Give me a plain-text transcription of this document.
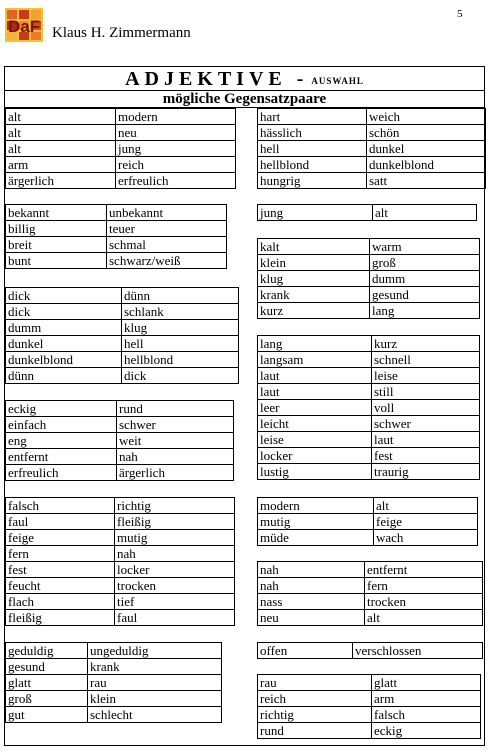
DaF Klaus H. Zimmermann
5
ADJEKTIVE - AUSWAHL
mögliche Gegensatzpaare
alt	modern
alt	neu
alt	jung
arm	reich
ärgerlich	erfreulich
bekannt	unbekannt
billig	teuer
breit	schmal
bunt	schwarz/weiß
dick	dünn
dick	schlank
dumm	klug
dunkel	hell
dunkelblond	hellblond
dünn	dick
eckig	rund
einfach	schwer
eng	weit
entfernt	nah
erfreulich	ärgerlich
falsch	richtig
faul	fleißig
feige	mutig
fern	nah
fest	locker
feucht	trocken
flach	tief
fleißig	faul
geduldig	ungeduldig
gesund	krank
glatt	rau
groß	klein
gut	schlecht
hart	weich
hässlich	schön
hell	dunkel
hellblond	dunkelblond
hungrig	satt
jung	alt
kalt	warm
klein	groß
klug	dumm
krank	gesund
kurz	lang
lang	kurz
langsam	schnell
laut	leise
laut	still
leer	voll
leicht	schwer
leise	laut
locker	fest
lustig	traurig
modern	alt
mutig	feige
müde	wach
nah	entfernt
nah	fern
nass	trocken
neu	alt
offen	verschlossen
rau	glatt
reich	arm
richtig	falsch
rund	eckig
